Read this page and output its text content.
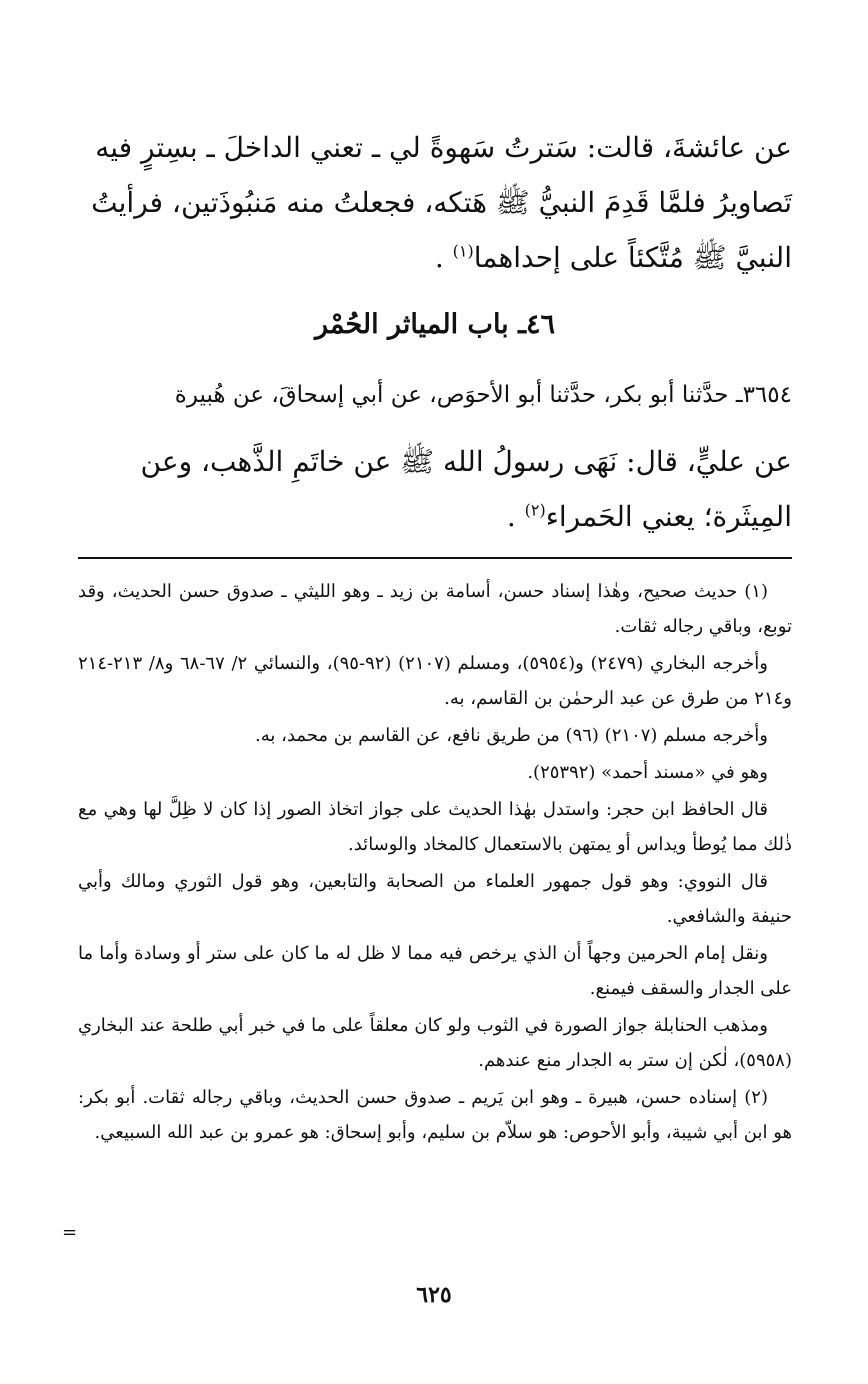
عن عائشةَ، قالت: سَترتُ سَهوةً لي ـ تعني الداخلَ ـ بسِترٍ فيه

تَصاويرُ فلمَّا قَدِمَ النبيُّ ﷺ هَتكه، فجعلتُ منه مَنبُوذَتين، فرأيتُ

النبيَّ ﷺ مُتَّكئاً على إحداهما$^{(١)}$ .

٤٦ـ باب المياثر الحُمْر

٣٦٥٤ـ حدَّثنا أبو بكر، حدَّثنا أبو الأحوَص، عن أبي إسحاقَ، عن هُبيرة

عن عليٍّ، قال: نَهَى رسولُ الله ﷺ عن خاتَمِ الذَّهب، وعن

المِيثَرة؛ يعني الحَمراء$^{(٢)}$ .

(١) حديث صحيح، وهٰذا إسناد حسن، أسامة بن زيد ـ وهو الليثي ـ صدوق حسن الحديث، وقد توبع، وباقي رجاله ثقات.

وأخرجه البخاري (٢٤٧٩) و(٥٩٥٤)، ومسلم (٢١٠٧) (٩٢-٩٥)، والنسائي ٢/ ٦٧-٦٨ و٨/ ٢١٣-٢١٤ و٢١٤ من طرق عن عبد الرحمٰن بن القاسم، به.

وأخرجه مسلم (٢١٠٧) (٩٦) من طريق نافع، عن القاسم بن محمد، به.

وهو في «مسند أحمد» (٢٥٣٩٢).

قال الحافظ ابن حجر: واستدل بهٰذا الحديث على جواز اتخاذ الصور إذا كان لا ظِلَّ لها وهي مع ذٰلك مما يُوطأ ويداس أو يمتهن بالاستعمال كالمخاد والوسائد.

قال النووي: وهو قول جمهور العلماء من الصحابة والتابعين، وهو قول الثوري ومالك وأبي حنيفة والشافعي.

ونقل إمام الحرمين وجهاً أن الذي يرخص فيه مما لا ظل له ما كان على ستر أو وسادة وأما ما على الجدار والسقف فيمنع.

ومذهب الحنابلة جواز الصورة في الثوب ولو كان معلقاً على ما في خبر أبي طلحة عند البخاري (٥٩٥٨)، لٰكن إن ستر به الجدار منع عندهم.

(٢) إسناده حسن، هبيرة ـ وهو ابن يَريم ـ صدوق حسن الحديث، وباقي رجاله ثقات. أبو بكر: هو ابن أبي شيبة، وأبو الأحوص: هو سلاّم بن سليم، وأبو إسحاق: هو عمرو بن عبد الله السبيعي.

=
٦٢٥
